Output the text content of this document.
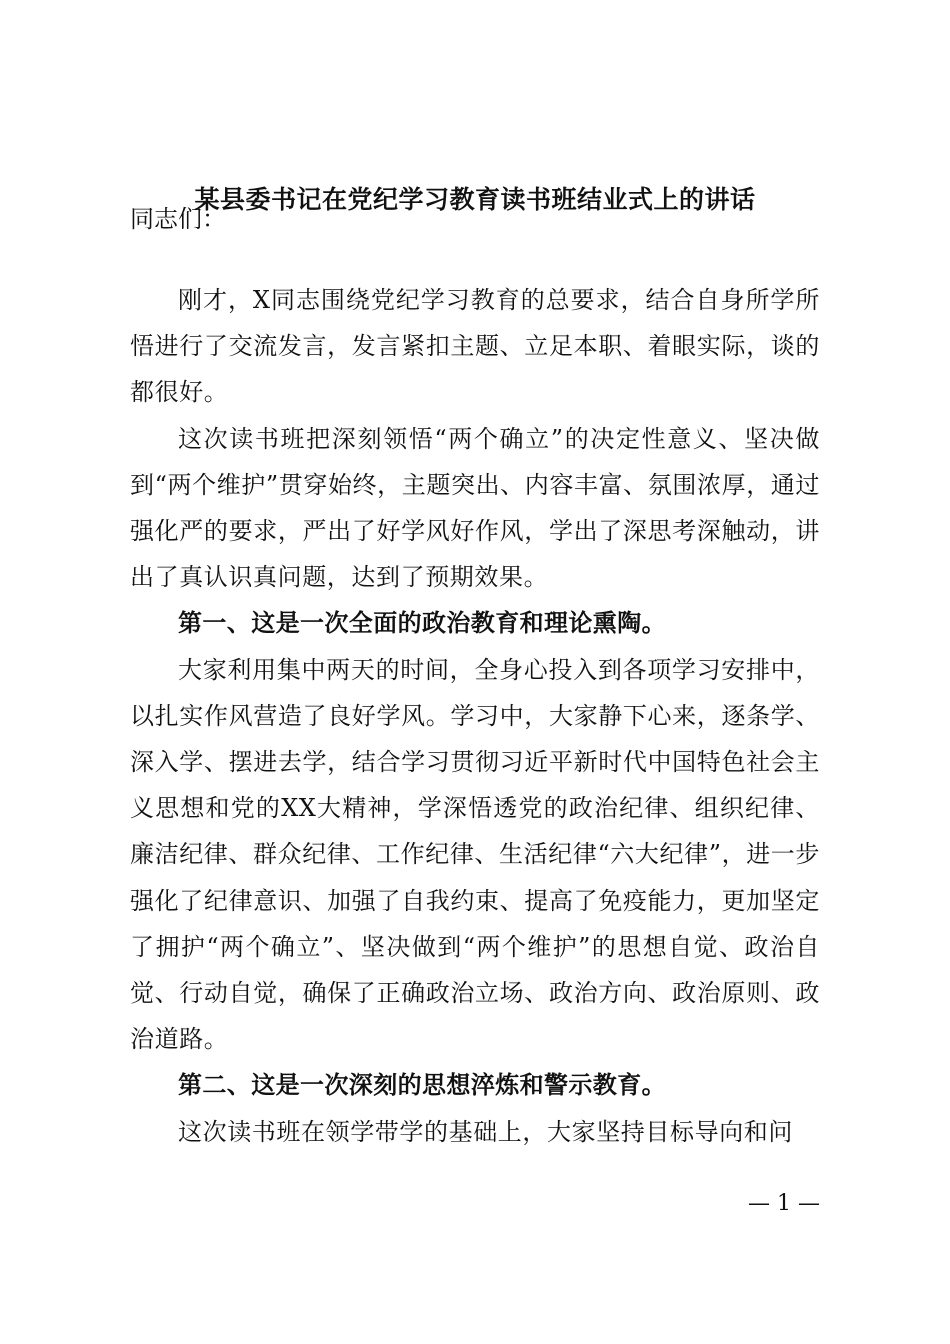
某县委书记在党纪学习教育读书班结业式上的讲话
同志们：

刚才，X同志围绕党纪学习教育的总要求，结合自身所学所悟进行了交流发言，发言紧扣主题、立足本职、着眼实际，谈的都很好。

这次读书班把深刻领悟“两个确立”的决定性意义、坚决做到“两个维护”贯穿始终，主题突出、内容丰富、氛围浓厚，通过强化严的要求，严出了好学风好作风，学出了深思考深触动，讲出了真认识真问题，达到了预期效果。

第一、这是一次全面的政治教育和理论熏陶。

大家利用集中两天的时间，全身心投入到各项学习安排中，以扎实作风营造了良好学风。学习中，大家静下心来，逐条学、深入学、摆进去学，结合学习贯彻习近平新时代中国特色社会主义思想和党的XX大精神，学深悟透党的政治纪律、组织纪律、廉洁纪律、群众纪律、工作纪律、生活纪律“六大纪律”，进一步强化了纪律意识、加强了自我约束、提高了免疫能力，更加坚定了拥护“两个确立”、坚决做到“两个维护”的思想自觉、政治自觉、行动自觉，确保了正确政治立场、政治方向、政治原则、政治道路。

第二、这是一次深刻的思想淬炼和警示教育。

这次读书班在领学带学的基础上，大家坚持目标导向和问

— 1 —
